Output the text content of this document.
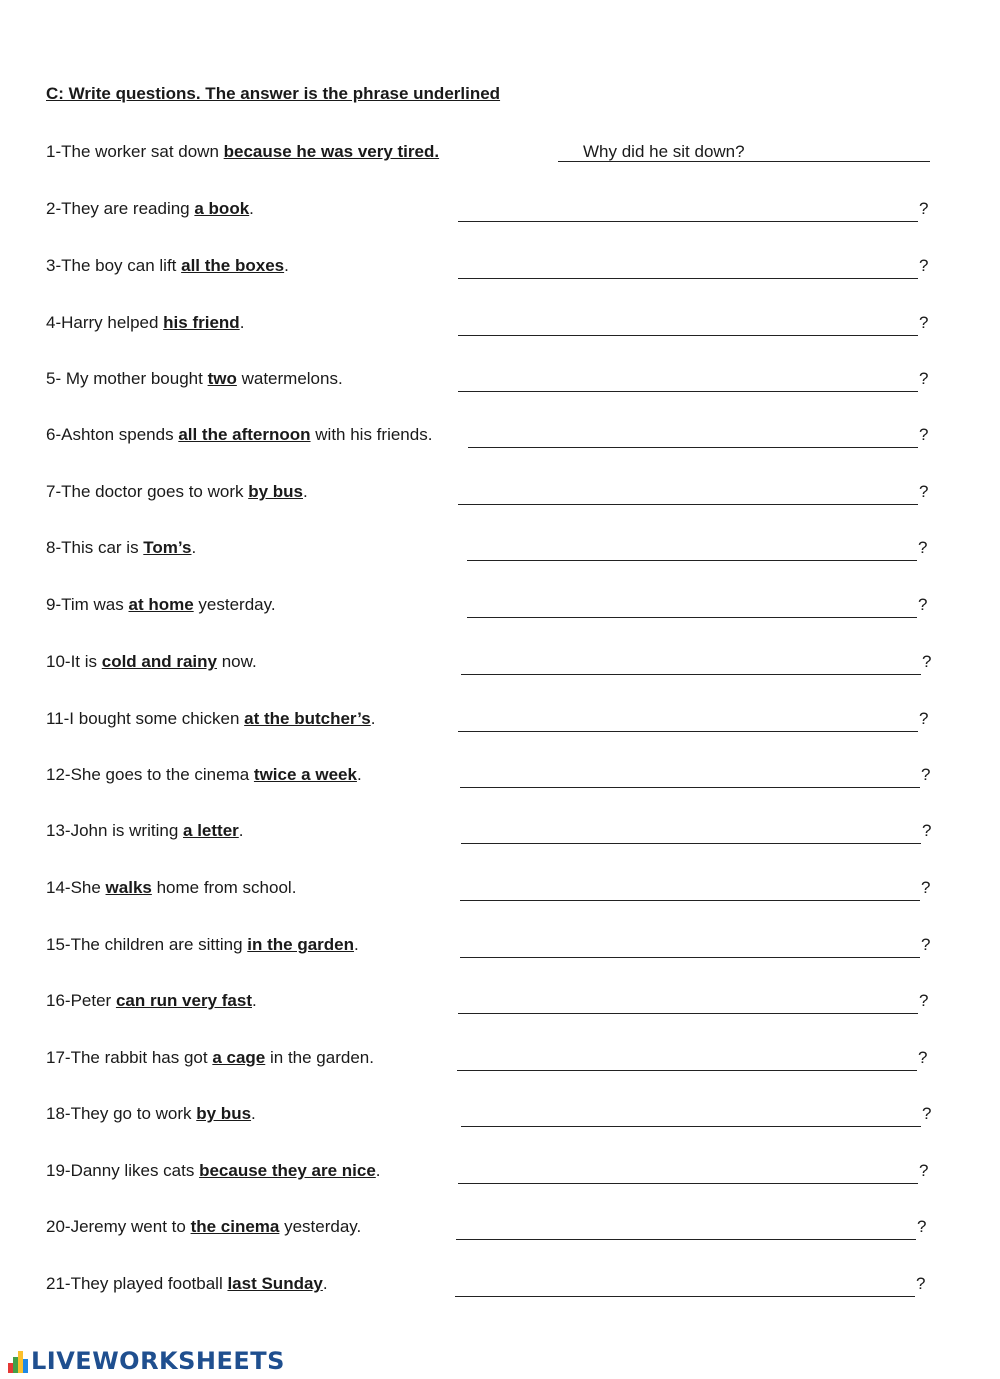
C: Write questions. The answer is the phrase underlined
1-The worker sat down because he was very tired.	Why did he sit down?
2-They are reading a book.	?
3-The boy can lift all the boxes.	?
4-Harry helped his friend.	?
5- My mother bought two watermelons.	?
6-Ashton spends all the afternoon with his friends.	?
7-The doctor goes to work by bus.	?
8-This car is Tom’s.	?
9-Tim was at home yesterday.	?
10-It is cold and rainy now.	?
11-I bought some chicken at the butcher’s.	?
12-She goes to the cinema twice a week.	?
13-John is writing a letter.	?
14-She walks home from school.	?
15-The children are sitting in the garden.	?
16-Peter can run very fast.	?
17-The rabbit has got a cage in the garden.	?
18-They go to work by bus.	?
19-Danny likes cats because they are nice.	?
20-Jeremy went to the cinema yesterday.	?
21-They played football last Sunday.	?
LIVEWORKSHEETS
